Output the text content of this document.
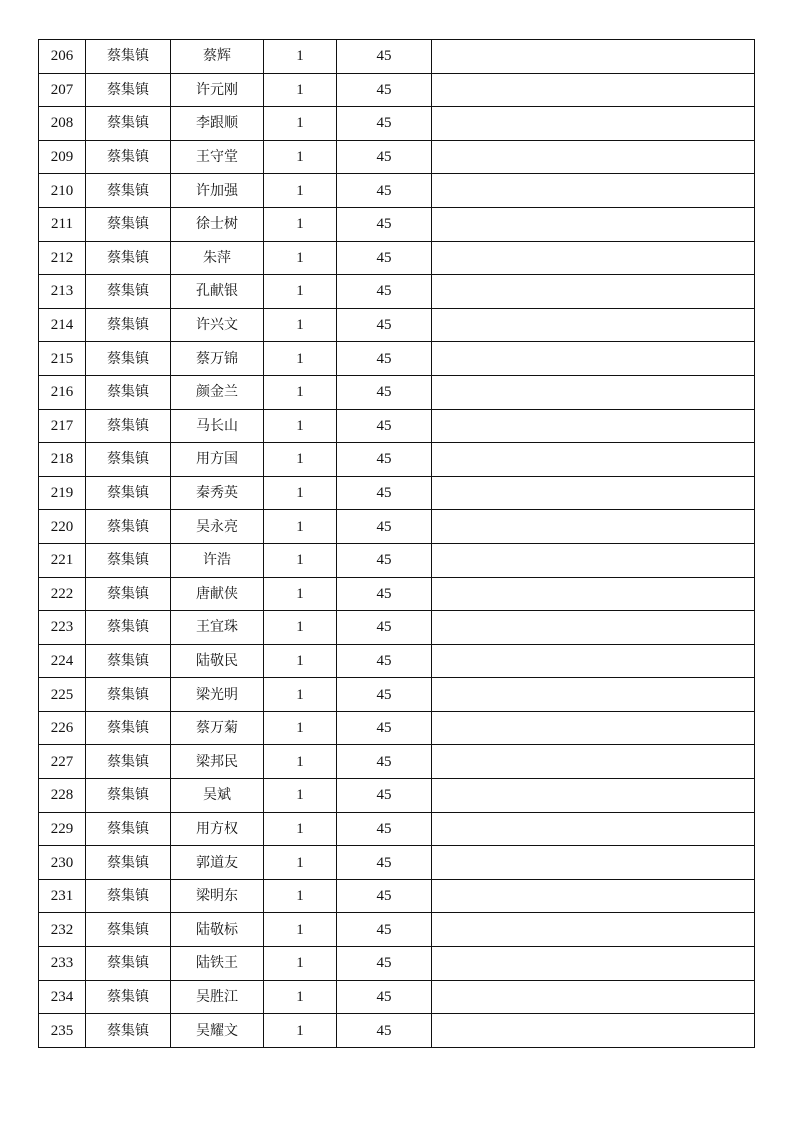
206	蔡集镇	蔡辉	1	45	
207	蔡集镇	许元刚	1	45	
208	蔡集镇	李跟顺	1	45	
209	蔡集镇	王守堂	1	45	
210	蔡集镇	许加强	1	45	
211	蔡集镇	徐士树	1	45	
212	蔡集镇	朱萍	1	45	
213	蔡集镇	孔献银	1	45	
214	蔡集镇	许兴文	1	45	
215	蔡集镇	蔡万锦	1	45	
216	蔡集镇	颜金兰	1	45	
217	蔡集镇	马长山	1	45	
218	蔡集镇	用方国	1	45	
219	蔡集镇	秦秀英	1	45	
220	蔡集镇	吴永亮	1	45	
221	蔡集镇	许浩	1	45	
222	蔡集镇	唐献侠	1	45	
223	蔡集镇	王宜珠	1	45	
224	蔡集镇	陆敬民	1	45	
225	蔡集镇	梁光明	1	45	
226	蔡集镇	蔡万菊	1	45	
227	蔡集镇	梁邦民	1	45	
228	蔡集镇	吴斌	1	45	
229	蔡集镇	用方权	1	45	
230	蔡集镇	郭道友	1	45	
231	蔡集镇	梁明东	1	45	
232	蔡集镇	陆敬标	1	45	
233	蔡集镇	陆铁王	1	45	
234	蔡集镇	吴胜江	1	45	
235	蔡集镇	吴耀文	1	45	
